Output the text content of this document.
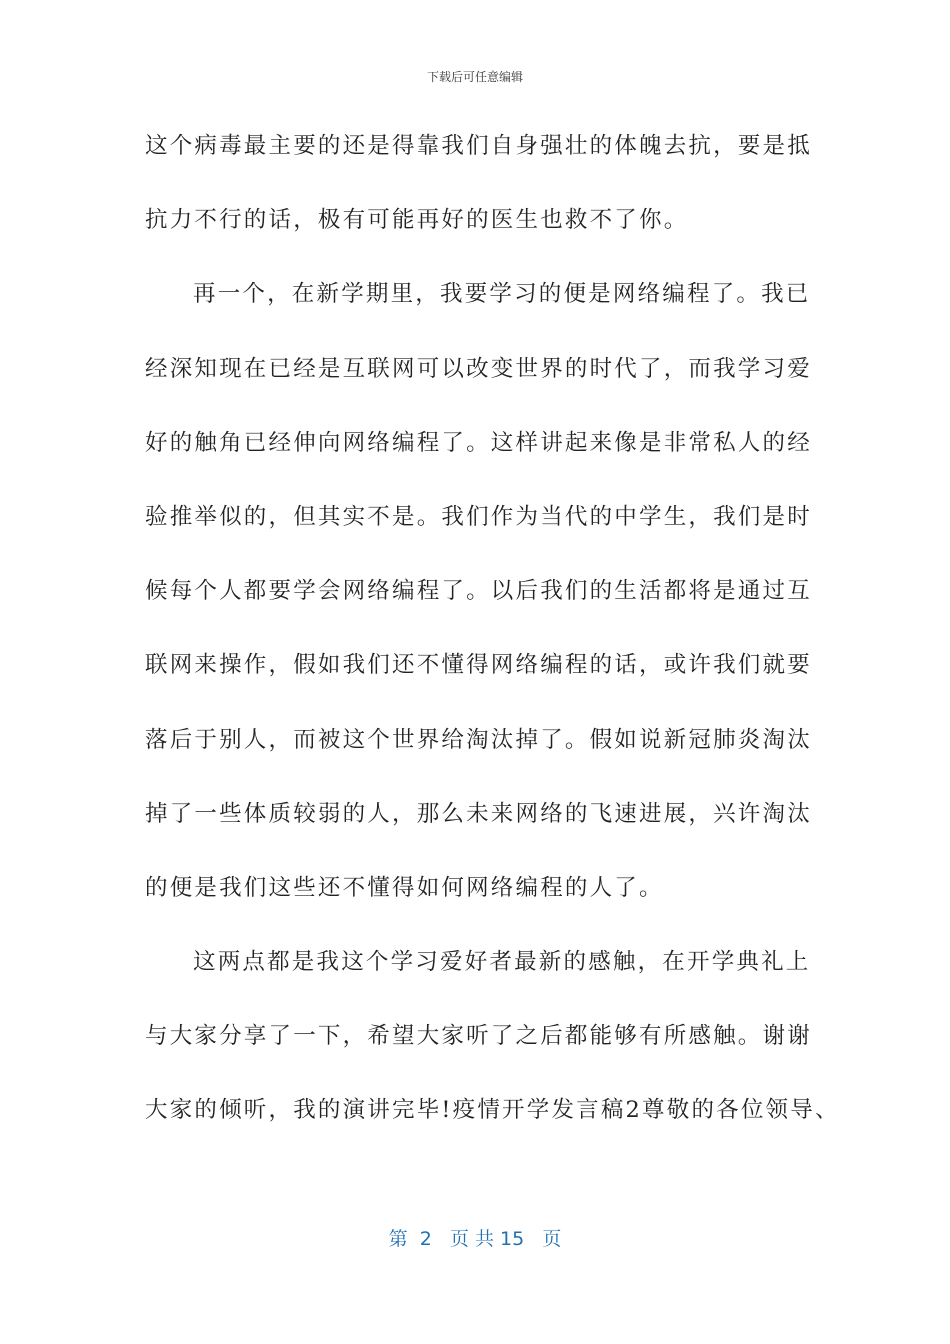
下载后可任意编辑
这个病毒最主要的还是得靠我们自身强壮的体魄去抗，要是抵
抗力不行的话，极有可能再好的医生也救不了你。
再一个，在新学期里，我要学习的便是网络编程了。我已
经深知现在已经是互联网可以改变世界的时代了，而我学习爱
好的触角已经伸向网络编程了。这样讲起来像是非常私人的经
验推举似的，但其实不是。我们作为当代的中学生，我们是时
候每个人都要学会网络编程了。以后我们的生活都将是通过互
联网来操作，假如我们还不懂得网络编程的话，或许我们就要
落后于别人，而被这个世界给淘汰掉了。假如说新冠肺炎淘汰
掉了一些体质较弱的人，那么未来网络的飞速进展，兴许淘汰
的便是我们这些还不懂得如何网络编程的人了。
这两点都是我这个学习爱好者最新的感触，在开学典礼上
与大家分享了一下，希望大家听了之后都能够有所感触。谢谢
大家的倾听，我的演讲完毕!疫情开学发言稿2尊敬的各位领导、
第  2   页 共 15   页
